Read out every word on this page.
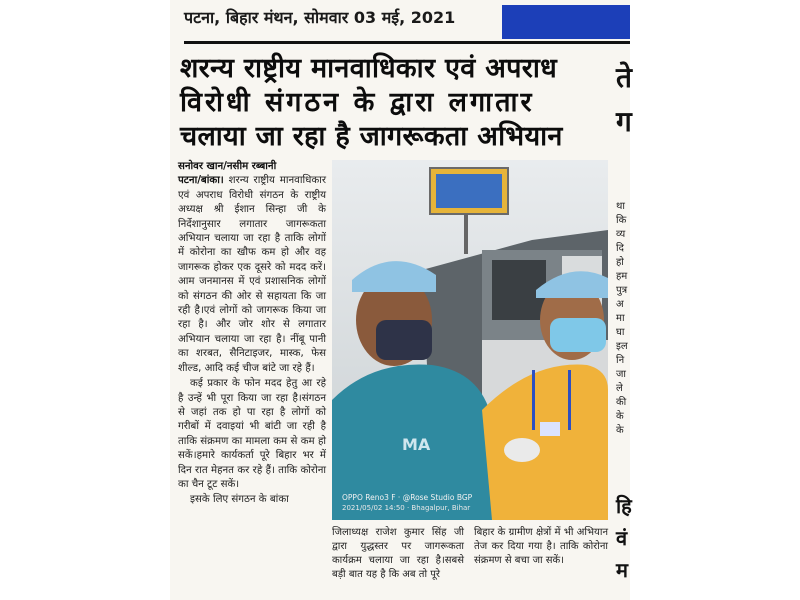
पटना, बिहार मंथन, सोमवार 03 मई, 2021
शरन्य राष्ट्रीय मानवाधिकार एवं अपराध
विरोधी संगठन के द्वारा लगातार
चलाया जा रहा है जागरूकता अभियान
ते
ग

सनोवर खान/नसीम रब्बानी
पटना/बांका। शरन्य राष्ट्रीय मानवाधिकार एवं अपराध विरोधी संगठन के राष्ट्रीय अध्यक्ष श्री ईशान सिन्हा जी के निर्देशानुसार लगातार जागरूकता अभियान चलाया जा रहा है ताकि लोगों में कोरोना का खौफ कम हो और वह जागरूक होकर एक दूसरे को मदद करें।आम जनमानस में एवं प्रशासनिक लोगों को संगठन की ओर से सहायता कि जा रही है।एवं लोगों को जागरूक किया जा रहा है। और जोर शोर से लगातार अभियान चलाया जा रहा है। नींबू पानी का शरबत, सैनिटाइजर, मास्क, फेस शील्ड, आदि कई चीज बांटे जा रहे हैं।

कई प्रकार के फोन मदद हेतु आ रहे है उन्हें भी पूरा किया जा रहा है।संगठन से जहां तक हो पा रहा है लोगों को गरीबों में दवाइयां भी बांटी जा रही है ताकि संक्रमण का मामला कम से कम हो सकें।हमारे कार्यकर्ता पूरे बिहार भर में दिन रात मेहनत कर रहे हैं। ताकि कोरोना का चैन टूट सकें।

इसके लिए संगठन के बांका

MA
OPPO Reno3 F · @Rose Studio BGP
2021/05/02 14:50 · Bhagalpur, Bihar
जिलाध्यक्ष राजेश कुमार सिंह जी द्वारा युद्धस्तर पर जागरूकता कार्यक्रम चलाया जा रहा है।सबसे बड़ी बात यह है कि अब तो पूरे
बिहार के ग्रामीण क्षेत्रों में भी अभियान तेज कर दिया गया है। ताकि कोरोना संक्रमण से बचा जा सकें।
था
कि
व्य
दि
हो
हम
पुत्र
अ
मा
घा
इल
नि
जा
ले
की
के
के
हि
वं
म
